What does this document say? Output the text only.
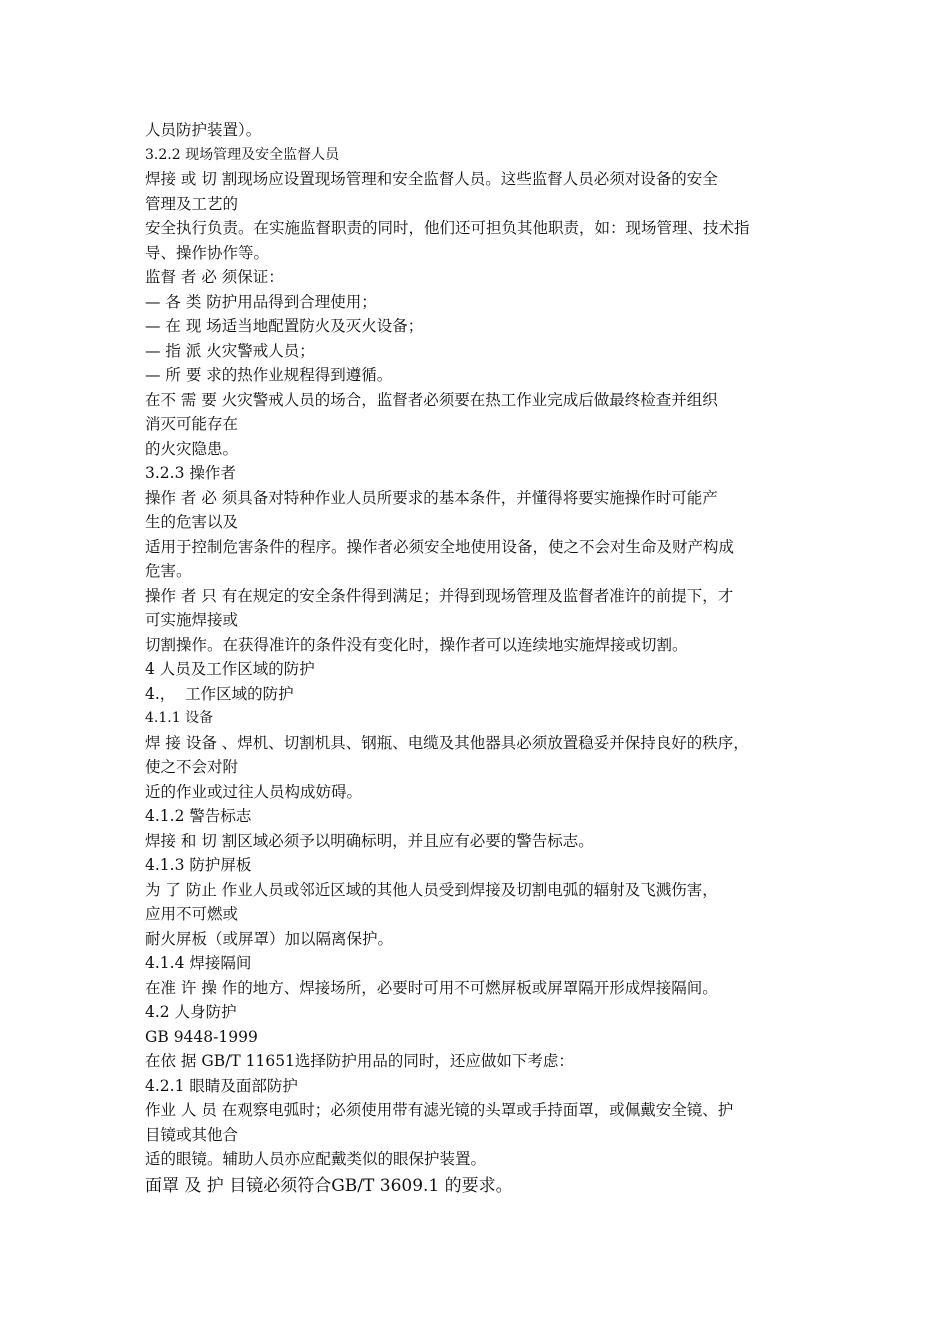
人员防护装置）。
3.2.2 现场管理及安全监督人员
焊接 或 切 割现场应设置现场管理和安全监督人员。这些监督人员必须对设备的安全
管理及工艺的
安全执行负责。在实施监督职责的同时，他们还可担负其他职责，如：现场管理、技术指
导、操作协作等。
监督 者 必 须保证：
— 各 类 防护用品得到合理使用；
— 在 现 场适当地配置防火及灭火设备；
— 指 派 火灾警戒人员；
— 所 要 求的热作业规程得到遵循。
在不 需 要 火灾警戒人员的场合，监督者必须要在热工作业完成后做最终检查并组织
消灭可能存在
的火灾隐患。
3.2.3 操作者
操作 者 必 须具备对特种作业人员所要求的基本条件，并懂得将要实施操作时可能产
生的危害以及
适用于控制危害条件的程序。操作者必须安全地使用设备，使之不会对生命及财产构成
危害。
操作 者 只 有在规定的安全条件得到满足；并得到现场管理及监督者准许的前提下，才
可实施焊接或
切割操作。在获得准许的条件没有变化时，操作者可以连续地实施焊接或切割。
4 人员及工作区域的防护
4.，  工作区域的防护
4.1.1 设备
焊 接 设备 、焊机、切割机具、钢瓶、电缆及其他器具必须放置稳妥并保持良好的秩序，
使之不会对附
近的作业或过往人员构成妨碍。
4.1.2 警告标志
焊接 和 切 割区域必须予以明确标明，并且应有必要的警告标志。
4.1.3 防护屏板
为 了 防止 作业人员或邻近区域的其他人员受到焊接及切割电弧的辐射及飞溅伤害，
应用不可燃或
耐火屏板（或屏罩）加以隔离保护。
4.1.4 焊接隔间
在准 许 操 作的地方、焊接场所，必要时可用不可燃屏板或屏罩隔开形成焊接隔间。
4.2 人身防护
GB 9448-1999
在依 据 GB/T 11651选择防护用品的同时，还应做如下考虑：
4.2.1 眼睛及面部防护
作业 人 员 在观察电弧时；必须使用带有滤光镜的头罩或手持面罩，或佩戴安全镜、护
目镜或其他合
适的眼镜。辅助人员亦应配戴类似的眼保护装置。
面罩 及 护 目镜必须符合GB/T 3609.1 的要求。
